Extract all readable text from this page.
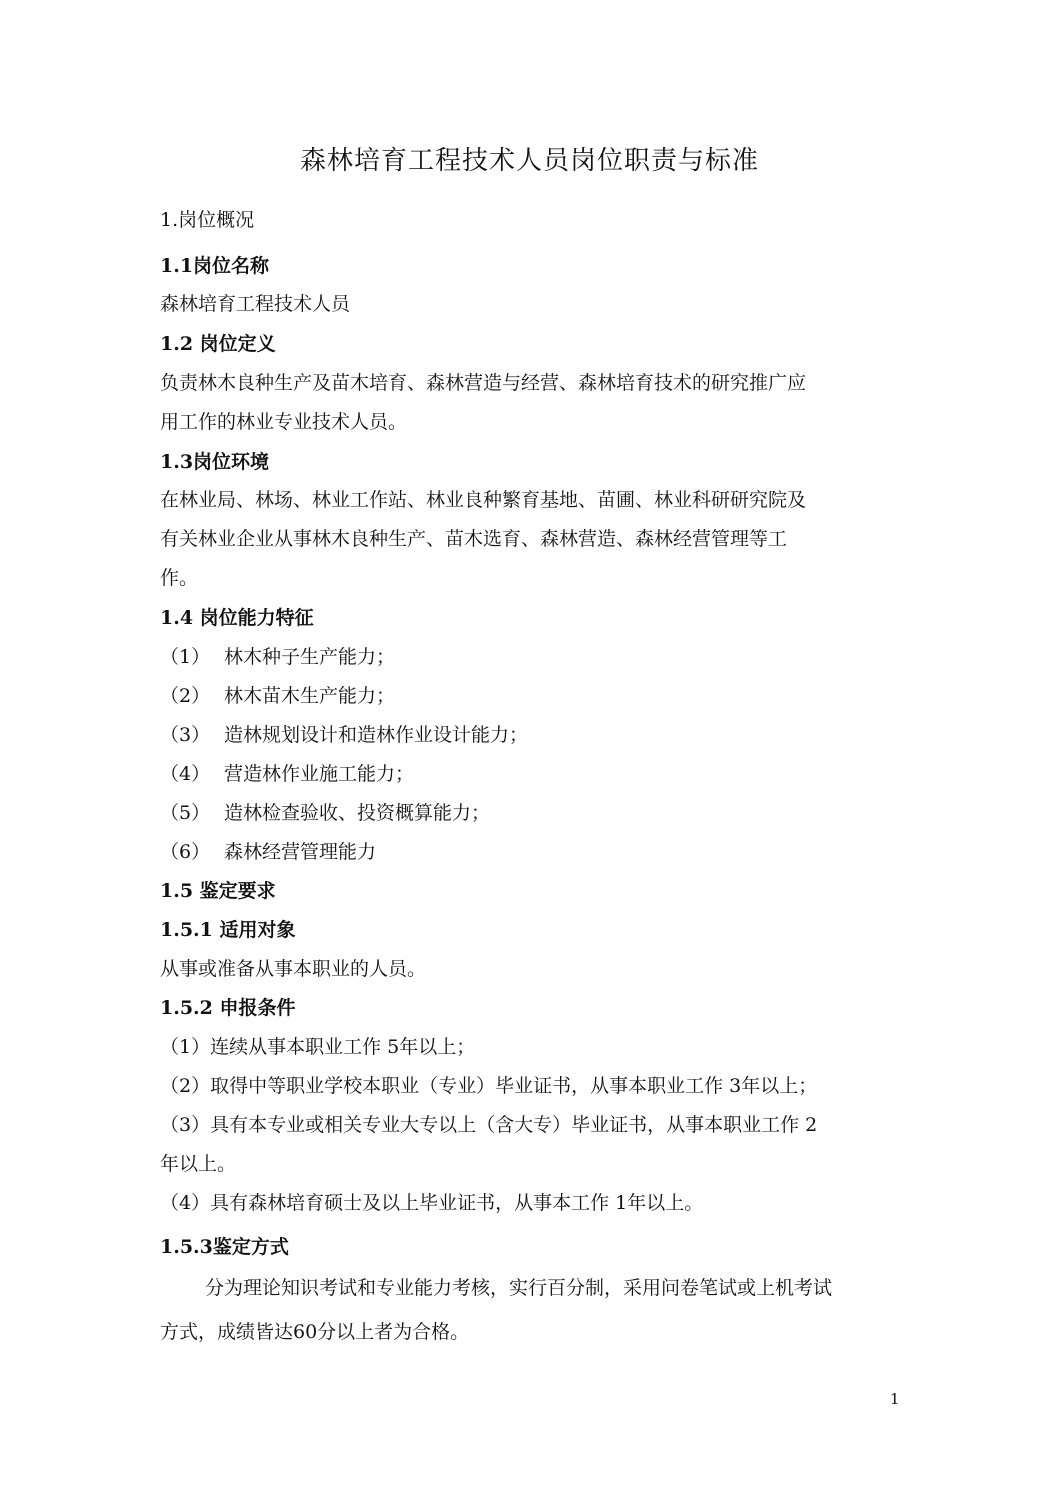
森林培育工程技术人员岗位职责与标准
1.岗位概况
1.1岗位名称
森林培育工程技术人员
1.2 岗位定义
负责林木良种生产及苗木培育、森林营造与经营、森林培育技术的研究推广应
用工作的林业专业技术人员。
1.3岗位环境
在林业局、林场、林业工作站、林业良种繁育基地、苗圃、林业科研研究院及
有关林业企业从事林木良种生产、苗木选育、森林营造、森林经营管理等工
作。
1.4 岗位能力特征
（1） 林木种子生产能力；
（2） 林木苗木生产能力；
（3） 造林规划设计和造林作业设计能力；
（4） 营造林作业施工能力；
（5） 造林检查验收、投资概算能力；
（6） 森林经营管理能力
1.5 鉴定要求
1.5.1 适用对象
从事或准备从事本职业的人员。
1.5.2 申报条件
（1）连续从事本职业工作 5年以上；
（2）取得中等职业学校本职业（专业）毕业证书，从事本职业工作 3年以上；
（3）具有本专业或相关专业大专以上（含大专）毕业证书，从事本职业工作 2
年以上。
（4）具有森林培育硕士及以上毕业证书，从事本工作 1年以上。
1.5.3鉴定方式
分为理论知识考试和专业能力考核，实行百分制，采用问卷笔试或上机考试
方式，成绩皆达60分以上者为合格。
1
